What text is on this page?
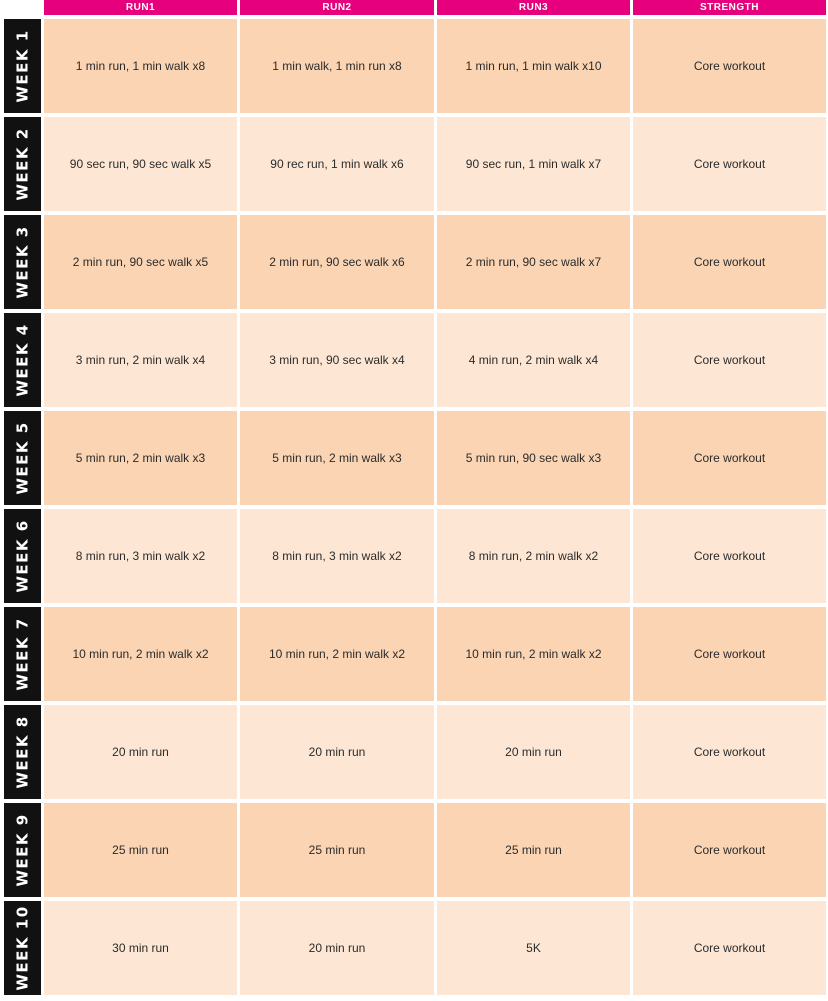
RUN1	RUN2	RUN3	STRENGTH
WEEK 1	1 min run, 1 min walk x8	1 min walk, 1 min run x8	1 min run, 1 min walk x10	Core workout
WEEK 2	90 sec run, 90 sec walk x5	90 rec run, 1 min walk x6	90 sec run, 1 min walk x7	Core workout
WEEK 3	2 min run, 90 sec walk x5	2 min run, 90 sec walk x6	2 min run, 90 sec walk x7	Core workout
WEEK 4	3 min run, 2 min walk x4	3 min run, 90 sec walk x4	4 min run, 2 min walk x4	Core workout
WEEK 5	5 min run, 2 min walk x3	5 min run, 2 min walk x3	5 min run, 90 sec walk x3	Core workout
WEEK 6	8 min run, 3 min walk x2	8 min run, 3 min walk x2	8 min run, 2 min walk x2	Core workout
WEEK 7	10 min run, 2 min walk x2	10 min run, 2 min walk x2	10 min run, 2 min walk x2	Core workout
WEEK 8	20 min run	20 min run	20 min run	Core workout
WEEK 9	25 min run	25 min run	25 min run	Core workout
WEEK 10	30 min run	20 min run	5K	Core workout
